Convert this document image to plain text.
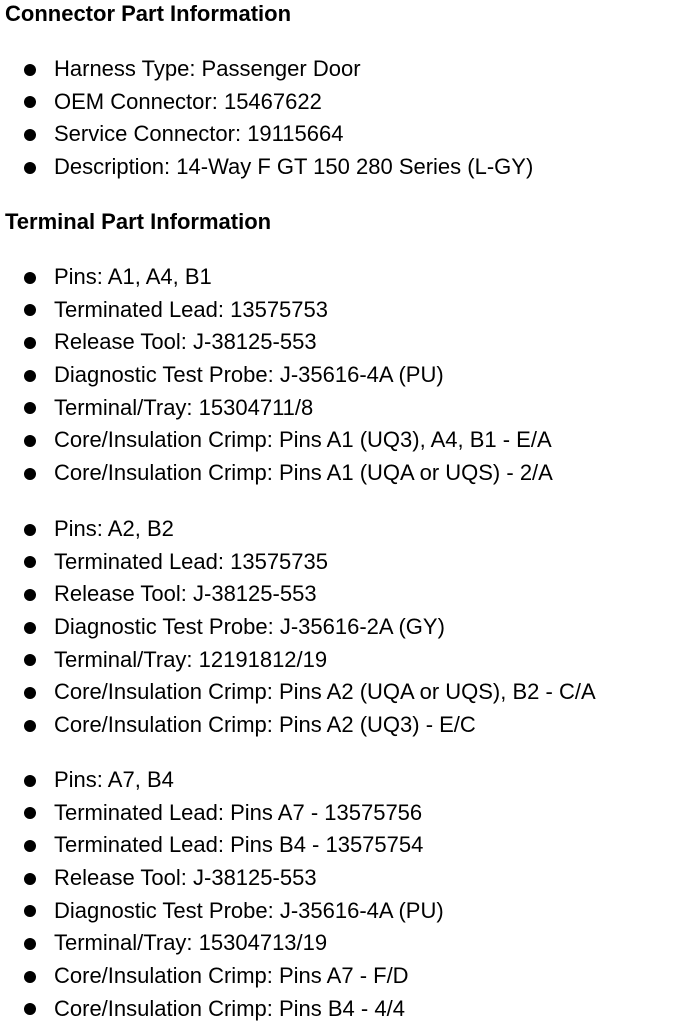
Connector Part Information
Harness Type: Passenger Door
OEM Connector: 15467622
Service Connector: 19115664
Description: 14-Way F GT 150 280 Series (L-GY)
Terminal Part Information
Pins: A1, A4, B1
Terminated Lead: 13575753
Release Tool: J-38125-553
Diagnostic Test Probe: J-35616-4A (PU)
Terminal/Tray: 15304711/8
Core/Insulation Crimp: Pins A1 (UQ3), A4, B1 - E/A
Core/Insulation Crimp: Pins A1 (UQA or UQS) - 2/A
Pins: A2, B2
Terminated Lead: 13575735
Release Tool: J-38125-553
Diagnostic Test Probe: J-35616-2A (GY)
Terminal/Tray: 12191812/19
Core/Insulation Crimp: Pins A2 (UQA or UQS), B2 - C/A
Core/Insulation Crimp: Pins A2 (UQ3) - E/C
Pins: A7, B4
Terminated Lead: Pins A7 - 13575756
Terminated Lead: Pins B4 - 13575754
Release Tool: J-38125-553
Diagnostic Test Probe: J-35616-4A (PU)
Terminal/Tray: 15304713/19
Core/Insulation Crimp: Pins A7 - F/D
Core/Insulation Crimp: Pins B4 - 4/4
